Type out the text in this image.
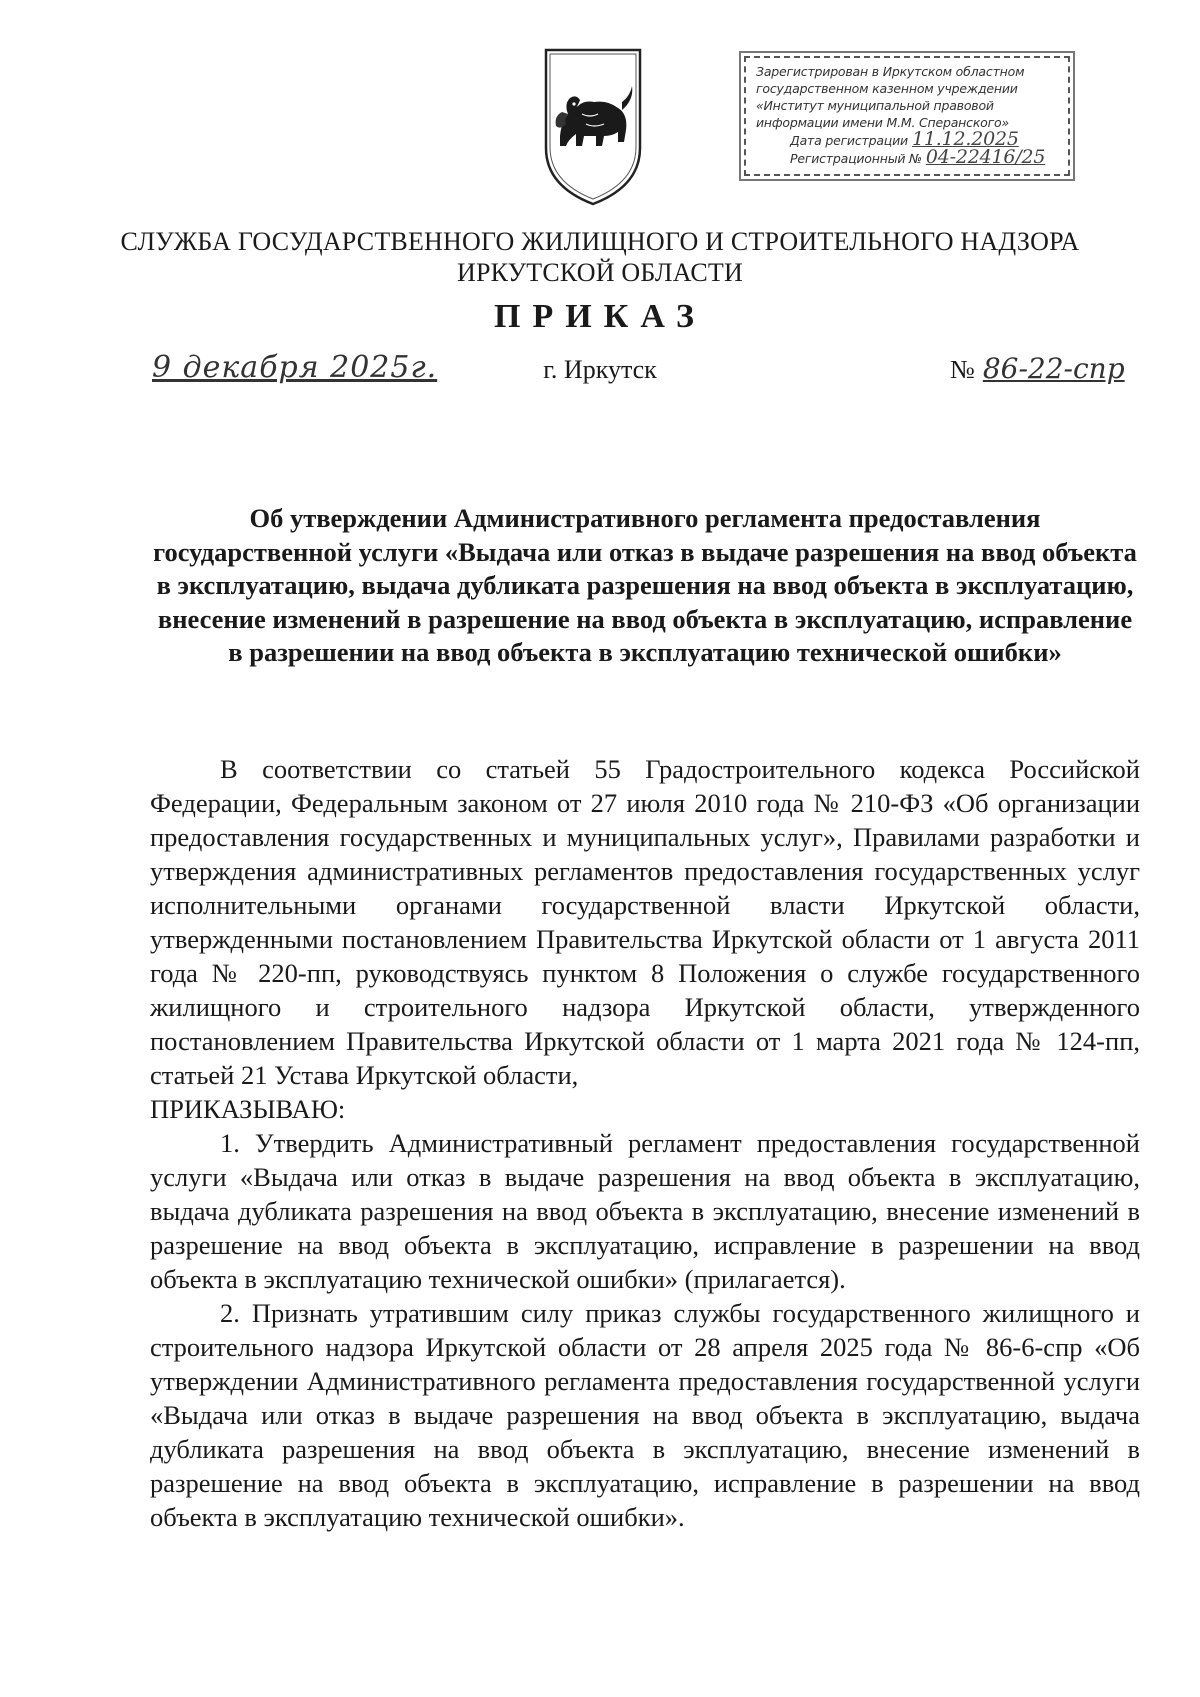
Зарегистрирован в Иркутском областном
государственном казенном учреждении
«Институт муниципальной правовой
информации имени М.М. Сперанского»
Дата регистрации 11.12.2025
Регистрационный № 04-22416/25
СЛУЖБА ГОСУДАРСТВЕННОГО ЖИЛИЩНОГО И СТРОИТЕЛЬНОГО НАДЗОРА
ИРКУТСКОЙ ОБЛАСТИ
ПРИКАЗ
9 декабря 2025г.	г. Иркутск	№ 86-22-спр
Об утверждении Административного регламента предоставления государственной услуги «Выдача или отказ в выдаче разрешения на ввод объекта в эксплуатацию, выдача дубликата разрешения на ввод объекта в эксплуатацию, внесение изменений в разрешение на ввод объекта в эксплуатацию, исправление в разрешении на ввод объекта в эксплуатацию технической ошибки»

В соответствии со статьей 55 Градостроительного кодекса Российской Федерации, Федеральным законом от 27 июля 2010 года № 210-ФЗ «Об организации предоставления государственных и муниципальных услуг», Правилами разработки и утверждения административных регламентов предоставления государственных услуг исполнительными органами государственной власти Иркутской области, утвержденными постановлением Правительства Иркутской области от 1 августа 2011 года № 220-пп, руководствуясь пунктом 8 Положения о службе государственного жилищного и строительного надзора Иркутской области, утвержденного постановлением Правительства Иркутской области от 1 марта 2021 года № 124-пп, статьей 21 Устава Иркутской области,

ПРИКАЗЫВАЮ:

1. Утвердить Административный регламент предоставления государственной услуги «Выдача или отказ в выдаче разрешения на ввод объекта в эксплуатацию, выдача дубликата разрешения на ввод объекта в эксплуатацию, внесение изменений в разрешение на ввод объекта в эксплуатацию, исправление в разрешении на ввод объекта в эксплуатацию технической ошибки» (прилагается).

2. Признать утратившим силу приказ службы государственного жилищного и строительного надзора Иркутской области от 28 апреля 2025 года № 86-6-спр «Об утверждении Административного регламента предоставления государственной услуги «Выдача или отказ в выдаче разрешения на ввод объекта в эксплуатацию, выдача дубликата разрешения на ввод объекта в эксплуатацию, внесение изменений в разрешение на ввод объекта в эксплуатацию, исправление в разрешении на ввод объекта в эксплуатацию технической ошибки».
